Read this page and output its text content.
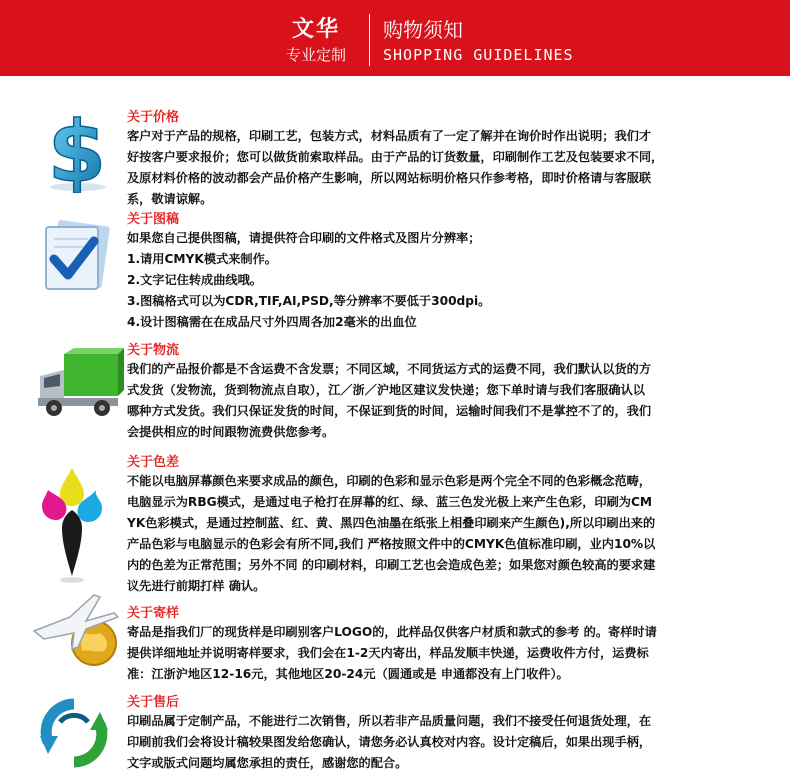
文华
专业定制
购物须知
SHOPPING GUIDELINES
$ 关于价格
客户对于产品的规格，印刷工艺，包装方式，材料品质有了一定了解并在询价时作出说明；我们才
好按客户要求报价；您可以做货前索取样品。由于产品的订货数量，印刷制作工艺及包装要求不同，
及原材料价格的波动都会产品价格产生影响，所以网站标明价格只作参考格，即时价格请与客服联
系，敬请谅解。
关于图稿
如果您自己提供图稿，请提供符合印刷的文件格式及图片分辨率；
1.请用CMYK模式来制作。
2.文字记住转成曲线哦。
3.图稿格式可以为CDR,TIF,AI,PSD,等分辨率不要低于300dpi。
4.设计图稿需在在成品尺寸外四周各加2毫米的出血位
关于物流
我们的产品报价都是不含运费不含发票；不同区域，不同货运方式的运费不同，我们默认以货的方
式发货（发物流，货到物流点自取），江／浙／沪地区建议发快递；您下单时请与我们客服确认以
哪种方式发货。我们只保证发货的时间，不保证到货的时间，运输时间我们不是掌控不了的，我们
会提供相应的时间跟物流费供您参考。
关于色差
不能以电脑屏幕颜色来要求成品的颜色，印刷的色彩和显示色彩是两个完全不同的色彩概念范畴，
电脑显示为RBG模式，是通过电子枪打在屏幕的红、绿、蓝三色发光极上来产生色彩，印刷为CM
YK色彩模式，是通过控制蓝、红、黄、黑四色油墨在纸张上相叠印刷来产生颜色),所以印刷出来的
产品色彩与电脑显示的色彩会有所不同,我们 严格按照文件中的CMYK色值标准印刷，业内10%以
内的色差为正常范围；另外不同 的印刷材料，印刷工艺也会造成色差；如果您对颜色较高的要求建
议先进行前期打样 确认。
关于寄样
寄品是指我们厂的现货样是印刷别客户LOGO的，此样品仅供客户材质和款式的参考 的。寄样时请
提供详细地址并说明寄样要求，我们会在1-2天内寄出，样品发顺丰快递，运费收件方付，运费标
准：江浙沪地区12-16元，其他地区20-24元（圆通或是 申通都没有上门收件）。
关于售后
印刷品属于定制产品，不能进行二次销售，所以若非产品质量问题，我们不接受任何退货处理，在
印刷前我们会将设计稿较果图发给您确认，请您务必认真校对内容。设计定稿后，如果出现手柄，
文字或版式问题均属您承担的责任，感谢您的配合。
